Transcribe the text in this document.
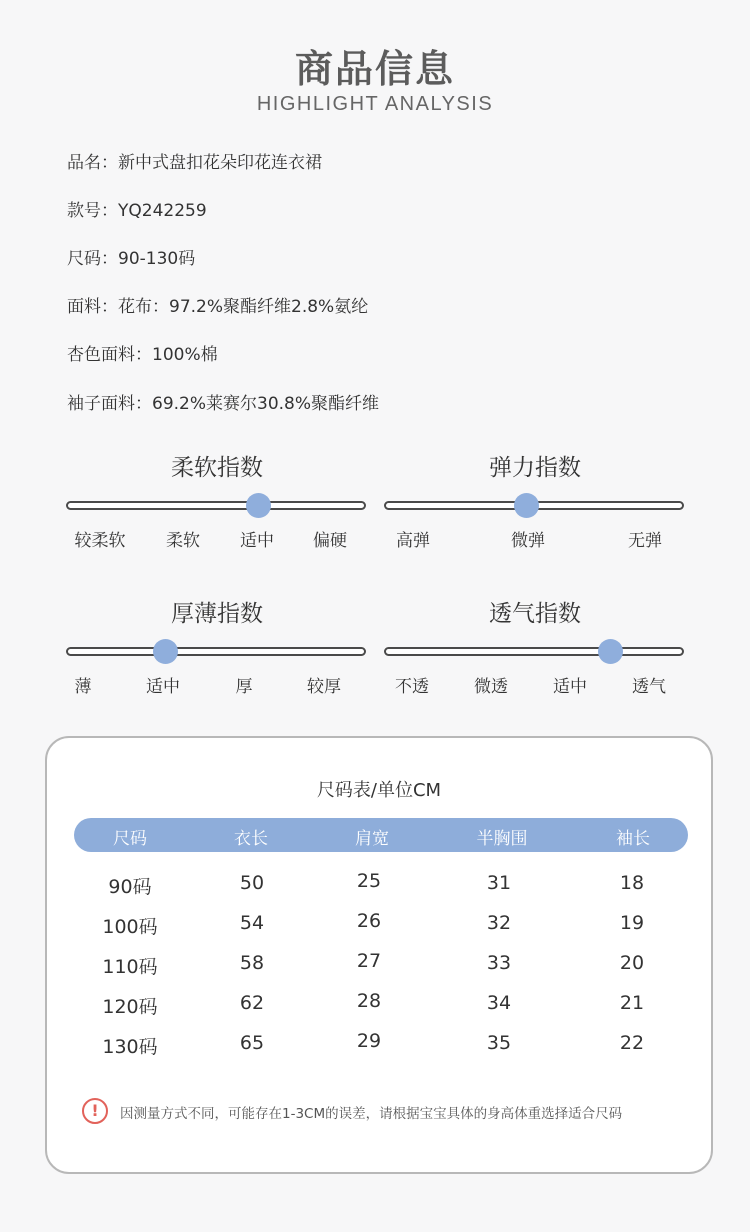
商品信息
HIGHLIGHT ANALYSIS
品名：新中式盘扣花朵印花连衣裙
款号：YQ242259
尺码：90-130码
面料：花布：97.2%聚酯纤维2.8%氨纶
杏色面料：100%棉
袖子面料：69.2%莱赛尔30.8%聚酯纤维
柔软指数
较柔软 柔软 适中 偏硬
弹力指数
高弹	微弹	无弹
厚薄指数
薄	适中	厚	较厚
透气指数
不透	微透	适中	透气
尺码表/单位CM
尺码	衣长	肩宽	半胸围	袖长
90码	50	25	31	18
100码	54	26	32	19
110码	58	27	33	20
120码	62	28	34	21
130码	65	29	35	22
!	因测量方式不同，可能存在1-3CM的误差，请根据宝宝具体的身高体重选择适合尺码
